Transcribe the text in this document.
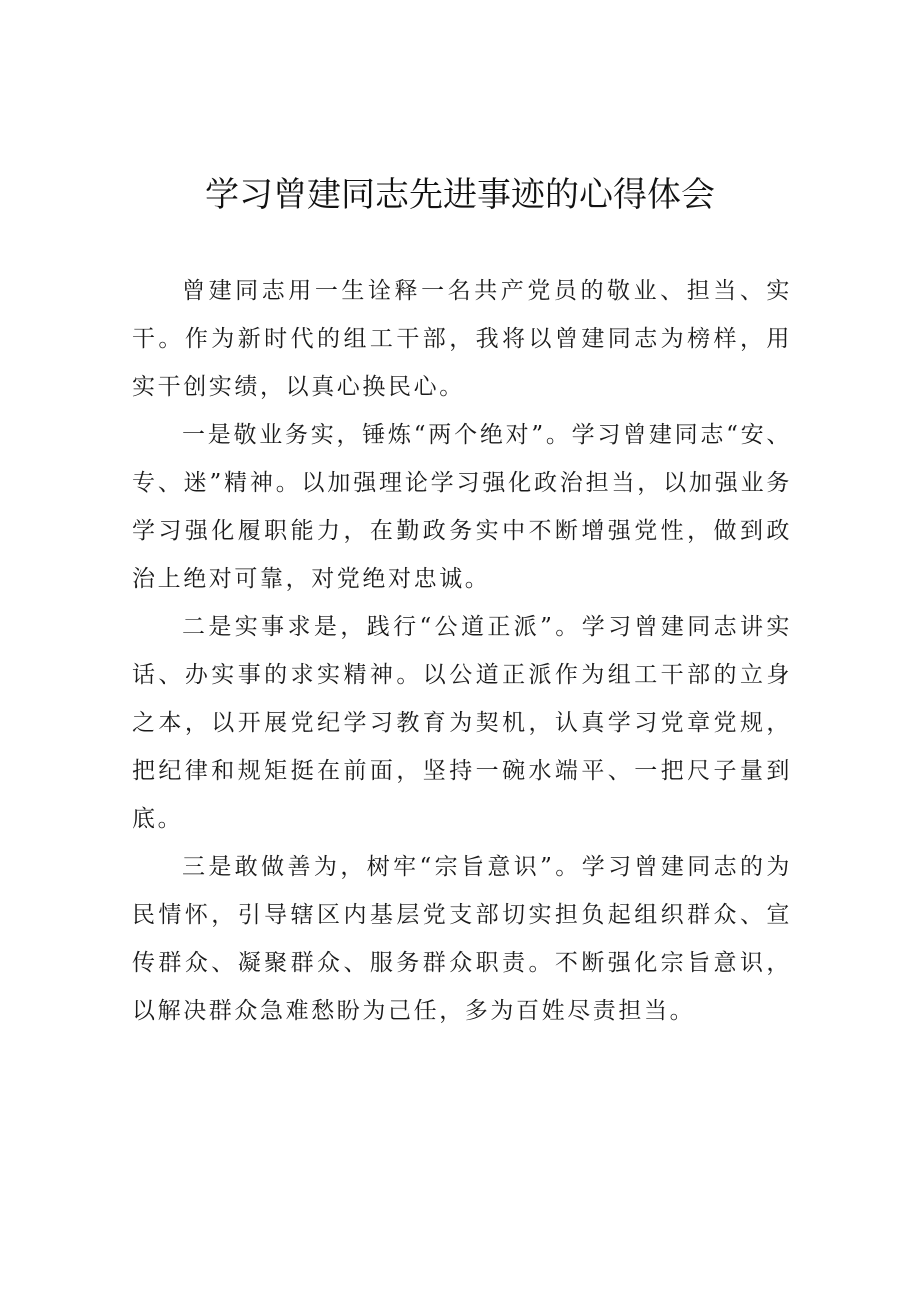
学习曾建同志先进事迹的心得体会

曾建同志用一生诠释一名共产党员的敬业、担当、实干。作为新时代的组工干部，我将以曾建同志为榜样，用实干创实绩，以真心换民心。

一是敬业务实，锤炼“两个绝对”。学习曾建同志“安、专、迷”精神。以加强理论学习强化政治担当，以加强业务学习强化履职能力，在勤政务实中不断增强党性，做到政治上绝对可靠，对党绝对忠诚。

二是实事求是，践行“公道正派”。学习曾建同志讲实话、办实事的求实精神。以公道正派作为组工干部的立身之本，以开展党纪学习教育为契机，认真学习党章党规，把纪律和规矩挺在前面，坚持一碗水端平、一把尺子量到底。

三是敢做善为，树牢“宗旨意识”。学习曾建同志的为民情怀，引导辖区内基层党支部切实担负起组织群众、宣传群众、凝聚群众、服务群众职责。不断强化宗旨意识，以解决群众急难愁盼为己任，多为百姓尽责担当。
